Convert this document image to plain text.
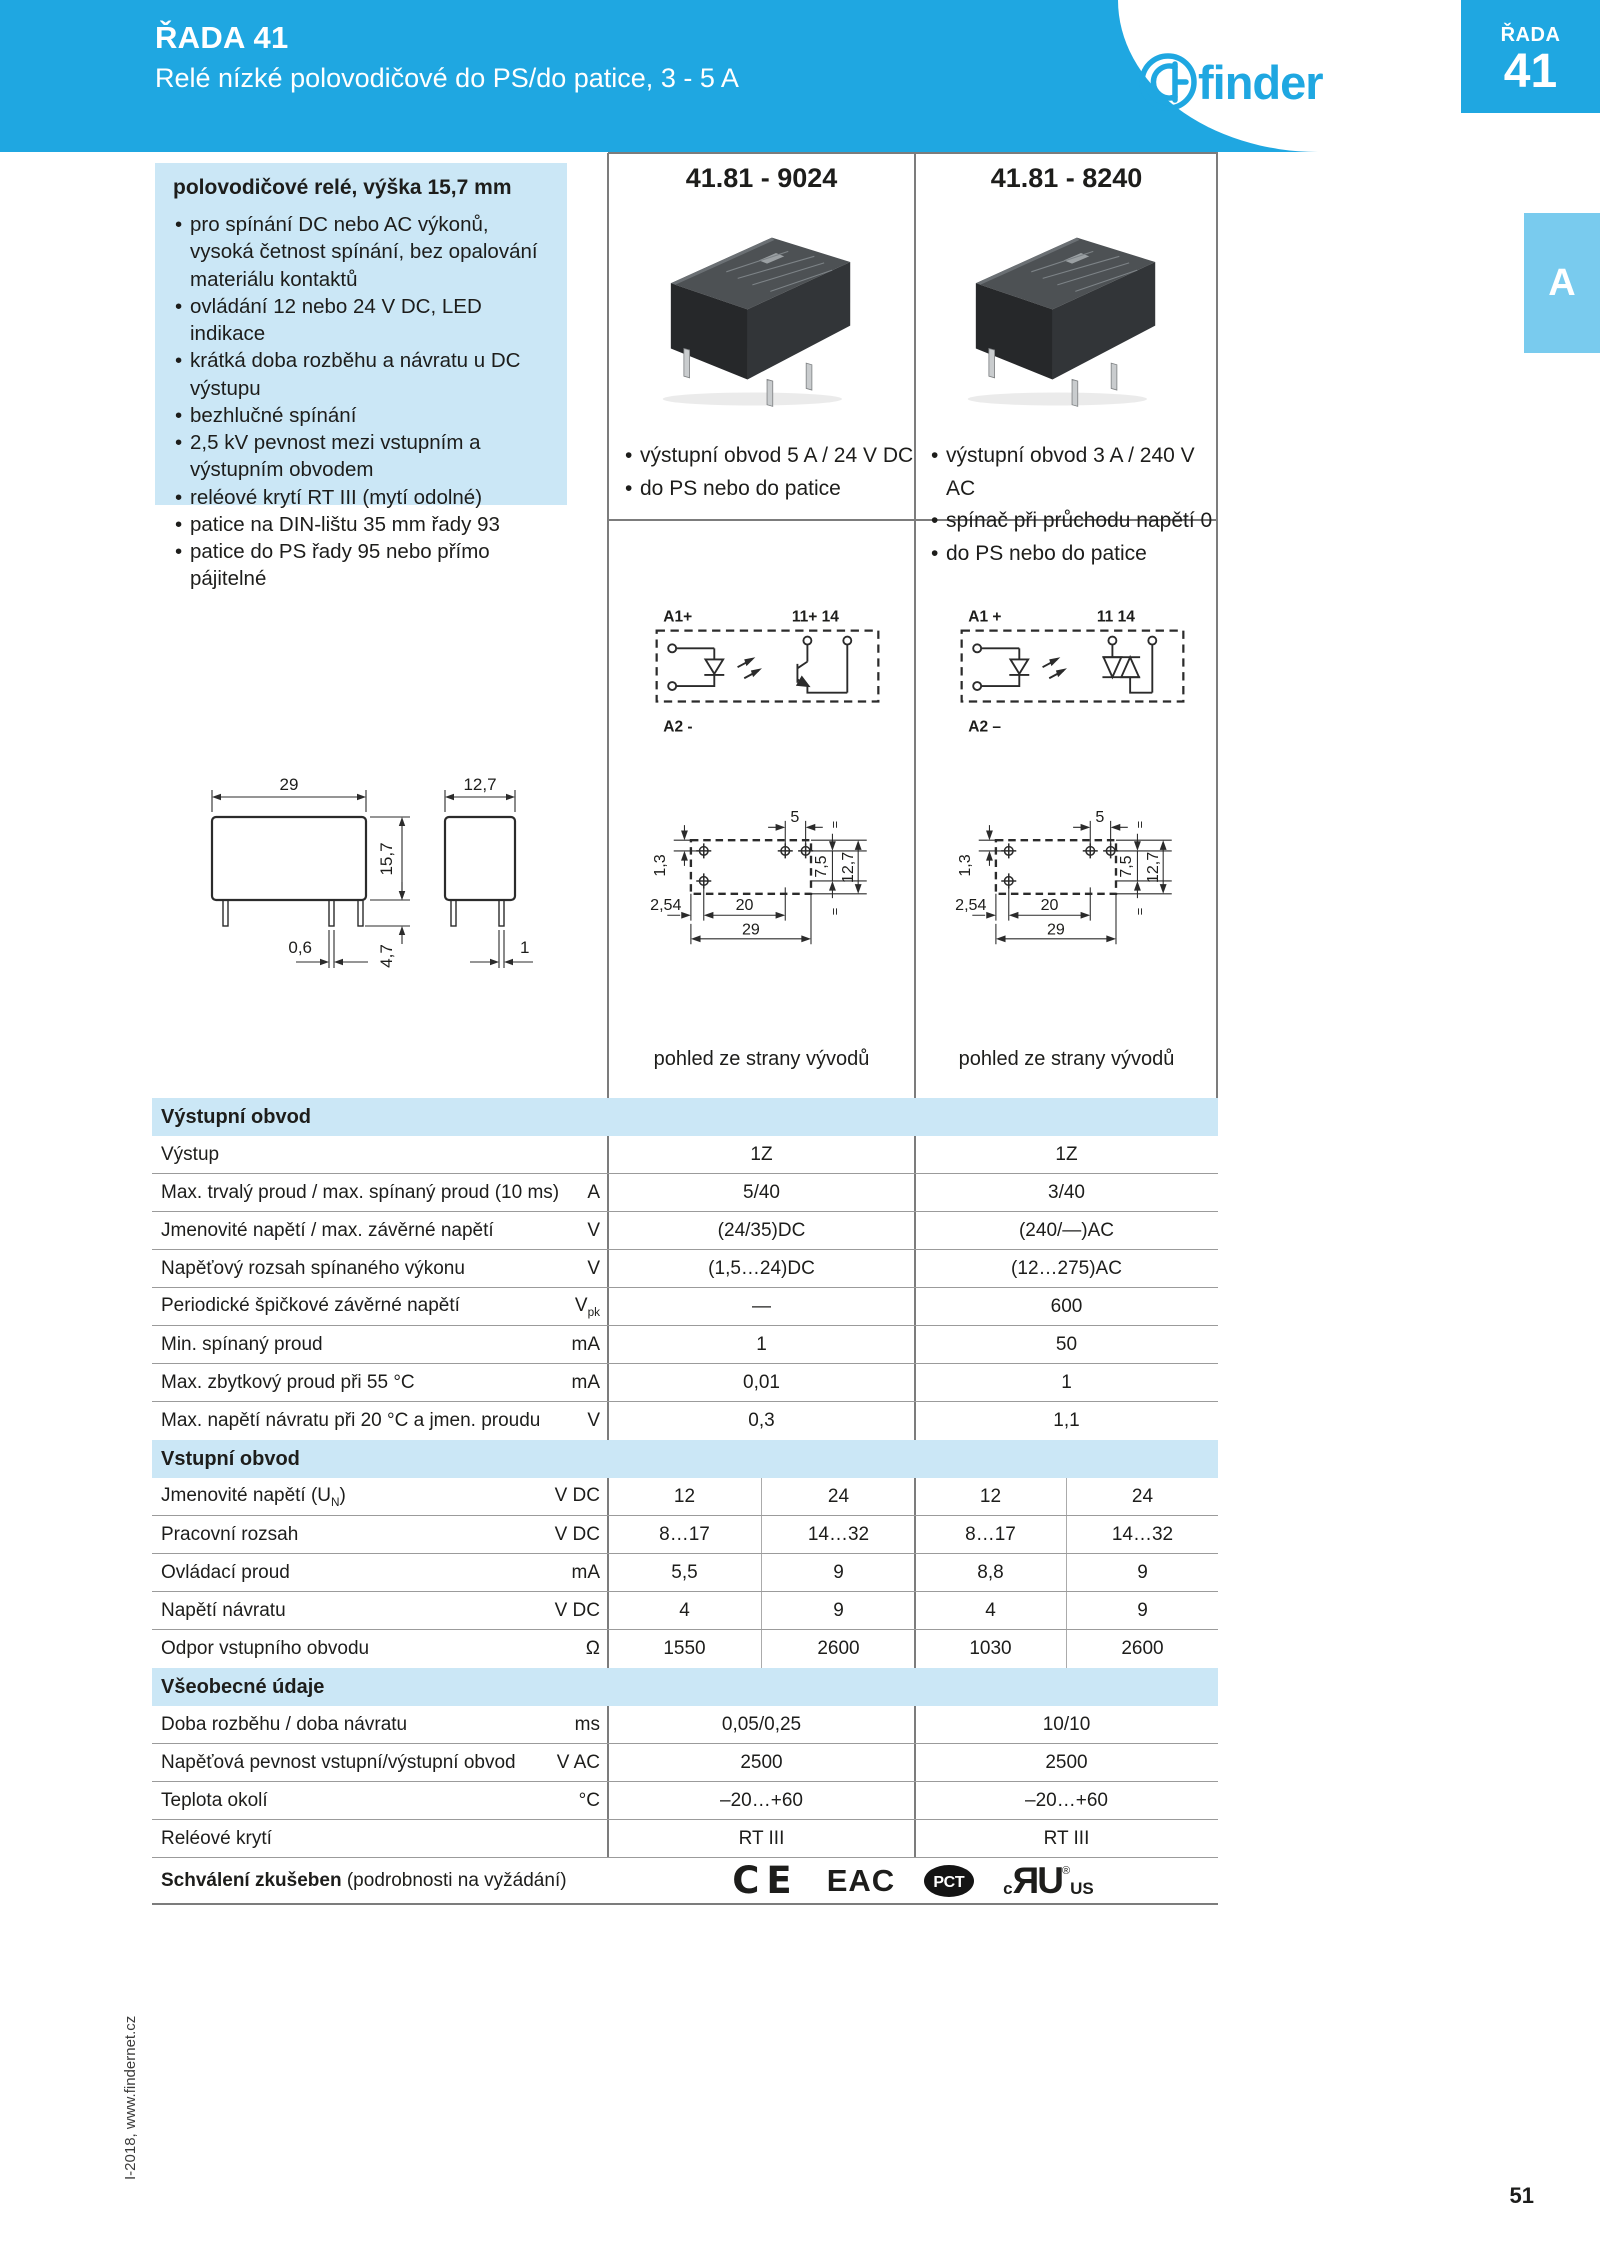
ŘADA 41
Relé nízké polovodičové do PS/do patice, 3 - 5 A	finder
ŘADA
41
A
polovodičové relé, výška 15,7 mm
• pro spínání DC nebo AC výkonů, vysoká četnost spínání, bez opalování materiálu kontaktů
• ovládání 12 nebo 24 V DC, LED indikace
• krátká doba rozběhu a návratu u DC výstupu
• bezhlučné spínání
• 2,5 kV pevnost mezi vstupním a výstupním obvodem
• reléové krytí RT III (mytí odolné)
• patice na DIN-lištu 35 mm řady 93
• patice do PS řady 95 nebo přímo pájitelné
41.81 - 9024	41.81 - 8240
• výstupní obvod 5 A / 24 V DC
• do PS nebo do patice
• výstupní obvod 3 A / 240 V AC
• spínač při průchodu napětí 0
• do PS nebo do patice
A1+	11+ 14
A2 -
A1 +	11 14
A2 –
29
15,7
4,7
0,6
12,7
1
5
1,3
2,54	20
29
7,5 12,7
=
=
5
1,3
2,54	20
29
7,5 12,7
=
=
pohled ze strany vývodů	pohled ze strany vývodů
Výstupní obvod
Výstup	1Z	1Z
Max. trvalý proud / max. spínaný proud (10 ms) A	5/40	3/40
Jmenovité napětí / max. závěrné napětí	V	(24/35)DC	(240/—)AC
Napěťový rozsah spínaného výkonu	V	(1,5…24)DC	(12…275)AC
Periodické špičkové závěrné napětí	$V_{pk}$	—	600
Min. spínaný proud	mA	1	50
Max. zbytkový proud při 55 °C	mA	0,01	1
Max. napětí návratu při 20 °C a jmen. proudu V	0,3	1,1
Vstupní obvod
Jmenovité napětí $(U_N)$	V DC	12	24	12	24
Pracovní rozsah	V DC	8…17	14…32	8…17	14…32
Ovládací proud	mA	5,5	9	8,8	9
Napětí návratu	V DC	4	9	4	9
Odpor vstupního obvodu	Ω	1550	2600	1030	2600
Všeobecné údaje
Doba rozběhu / doba návratu	ms	0,05/0,25	10/10
Napěťová pevnost vstupní/výstupní obvod V AC	2500	2500
Teplota okolí	°C	–20…+60	–20…+60
Reléové krytí	RT III	RT III
Schválení zkušeben (podrobnosti na vyžádání)	CE EAC РСТ c ЯU ®
US
I-2018, www.findernet.cz
51
